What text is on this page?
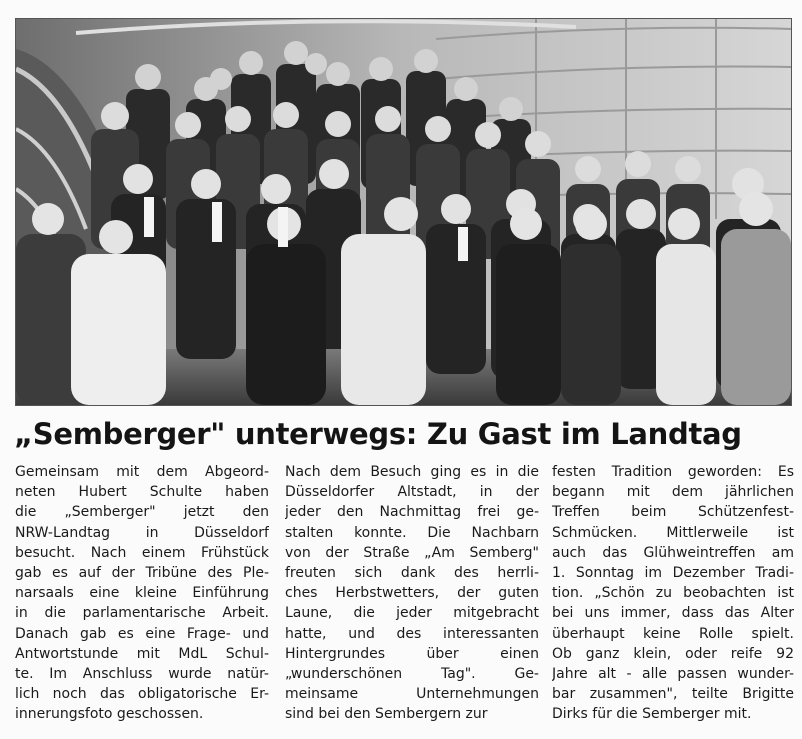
„Semberger" unterwegs: Zu Gast im Landtag
Gemeinsam mit dem Abgeord-
neten Hubert Schulte haben
die „Semberger" jetzt den
NRW-Landtag in Düsseldorf
besucht. Nach einem Frühstück
gab es auf der Tribüne des Ple-
narsaals eine kleine Einführung
in die parlamentarische Arbeit.
Danach gab es eine Frage- und
Antwortstunde mit MdL Schul-
te. Im Anschluss wurde natür-
lich noch das obligatorische Er-
innerungsfoto geschossen.
Nach dem Besuch ging es in die
Düsseldorfer Altstadt, in der
jeder den Nachmittag frei ge-
stalten konnte. Die Nachbarn
von der Straße „Am Semberg"
freuten sich dank des herrli-
ches Herbstwetters, der guten
Laune, die jeder mitgebracht
hatte, und des interessanten
Hintergrundes über einen
„wunderschönen Tag". Ge-
meinsame Unternehmungen
sind bei den Sembergern zur
festen Tradition geworden: Es
begann mit dem jährlichen
Treffen beim Schützenfest-
Schmücken. Mittlerweile ist
auch das Glühweintreffen am
1. Sonntag im Dezember Tradi-
tion. „Schön zu beobachten ist
bei uns immer, dass das Alter
überhaupt keine Rolle spielt.
Ob ganz klein, oder reife 92
Jahre alt - alle passen wunder-
bar zusammen", teilte Brigitte
Dirks für die Semberger mit.
